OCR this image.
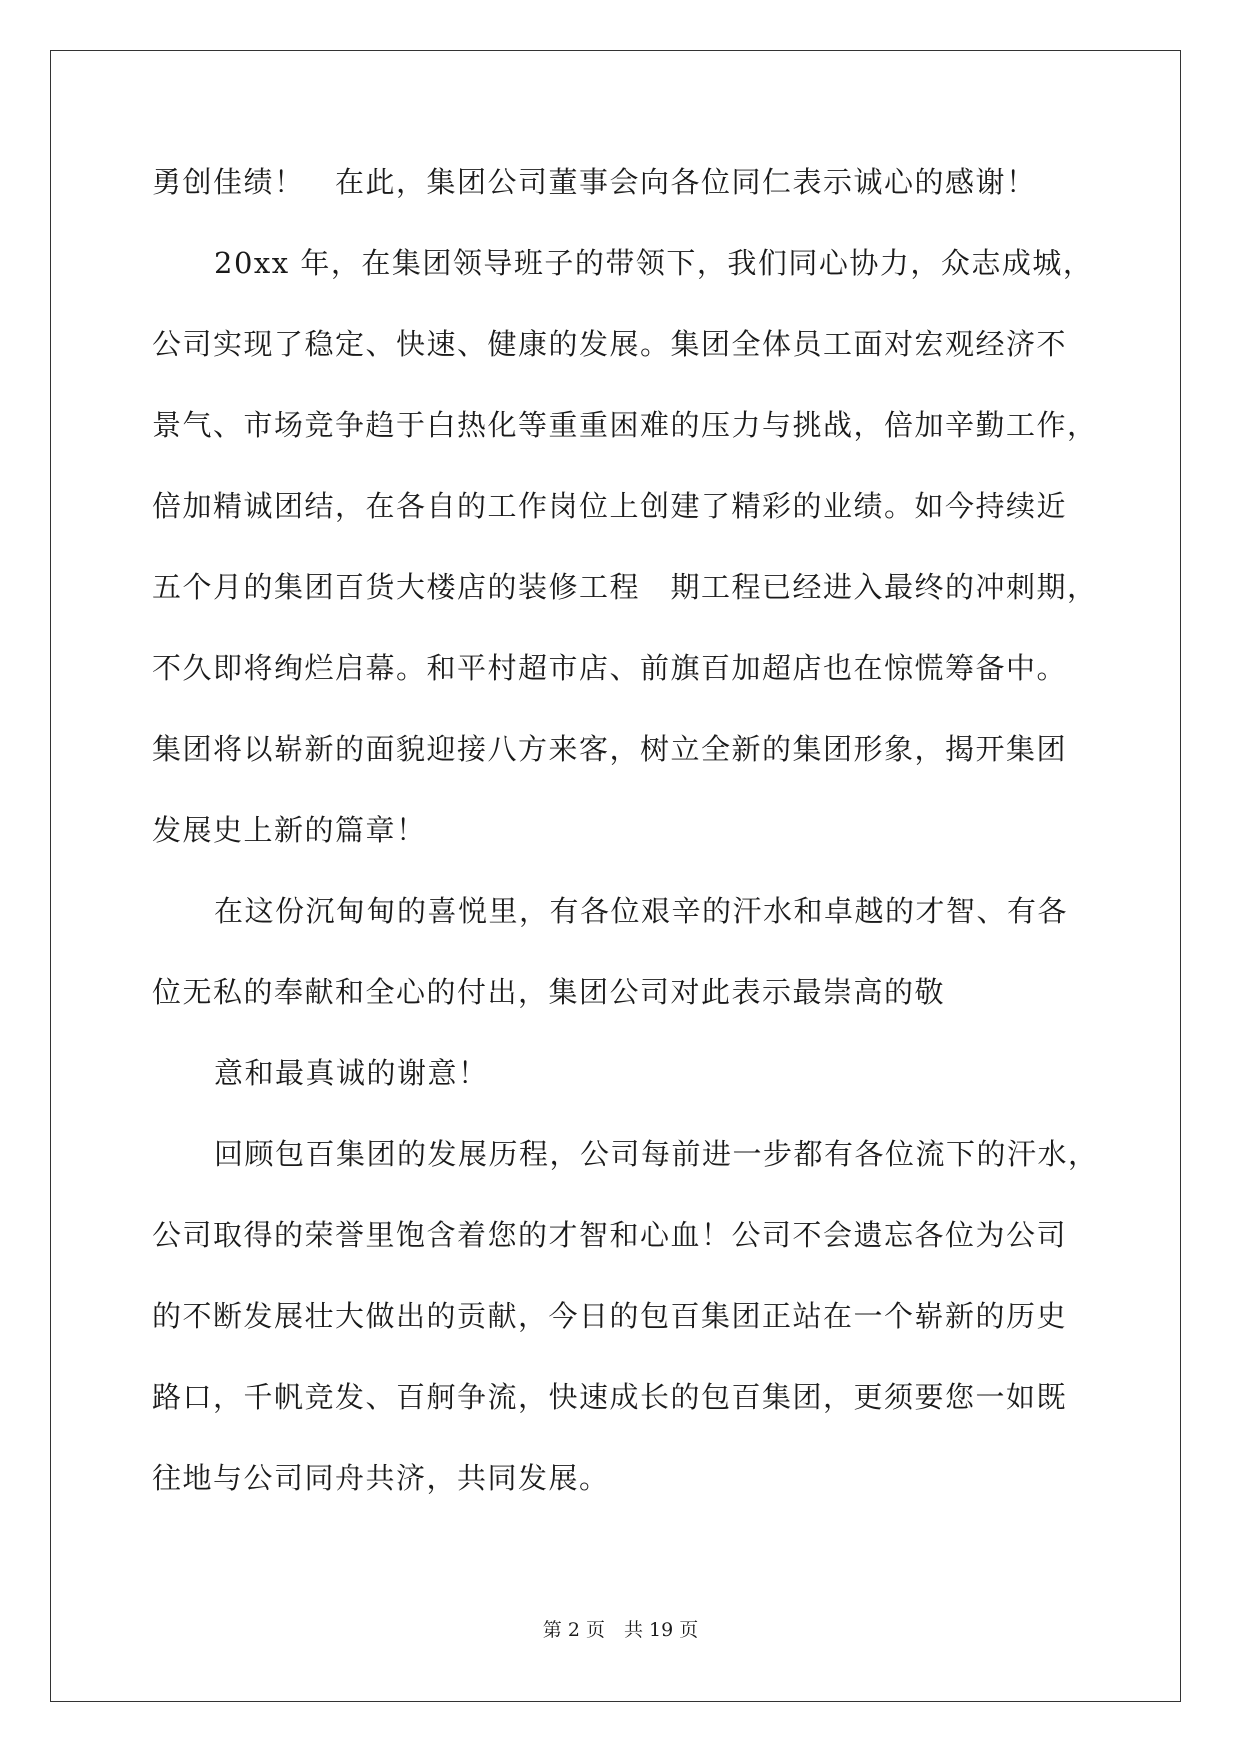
勇创佳绩！　在此，集团公司董事会向各位同仁表示诚心的感谢！
20xx 年，在集团领导班子的带领下，我们同心协力，众志成城，
公司实现了稳定、快速、健康的发展。集团全体员工面对宏观经济不
景气、市场竞争趋于白热化等重重困难的压力与挑战，倍加辛勤工作，
倍加精诚团结，在各自的工作岗位上创建了精彩的业绩。如今持续近
五个月的集团百货大楼店的装修工程　期工程已经进入最终的冲刺期，
不久即将绚烂启幕。和平村超市店、前旗百加超店也在惊慌筹备中。
集团将以崭新的面貌迎接八方来客，树立全新的集团形象，揭开集团
发展史上新的篇章！
在这份沉甸甸的喜悦里，有各位艰辛的汗水和卓越的才智、有各
位无私的奉献和全心的付出，集团公司对此表示最崇高的敬
意和最真诚的谢意！
回顾包百集团的发展历程，公司每前进一步都有各位流下的汗水，
公司取得的荣誉里饱含着您的才智和心血！公司不会遗忘各位为公司
的不断发展壮大做出的贡献，今日的包百集团正站在一个崭新的历史
路口，千帆竞发、百舸争流，快速成长的包百集团，更须要您一如既
往地与公司同舟共济，共同发展。
第 2 页　共 19 页
